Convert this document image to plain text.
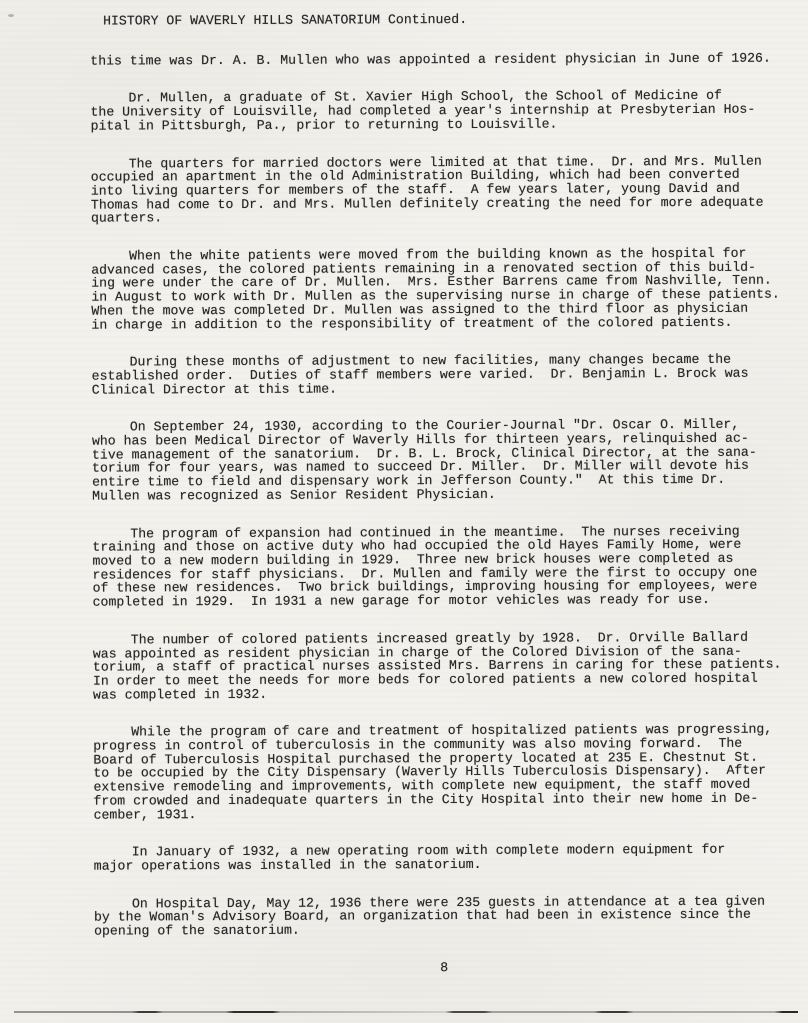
HISTORY OF WAVERLY HILLS SANATORIUM Continued.
this time was Dr. A. B. Mullen who was appointed a resident physician in June of 1926.
Dr. Mullen, a graduate of St. Xavier High School, the School of Medicine of
the University of Louisville, had completed a year's internship at Presbyterian Hos-
pital in Pittsburgh, Pa., prior to returning to Louisville.
The quarters for married doctors were limited at that time.  Dr. and Mrs. Mullen
occupied an apartment in the old Administration Building, which had been converted
into living quarters for members of the staff.  A few years later, young David and
Thomas had come to Dr. and Mrs. Mullen definitely creating the need for more adequate
quarters.
When the white patients were moved from the building known as the hospital for
advanced cases, the colored patients remaining in a renovated section of this build-
ing were under the care of Dr. Mullen.  Mrs. Esther Barrens came from Nashville, Tenn.
in August to work with Dr. Mullen as the supervising nurse in charge of these patients.
When the move was completed Dr. Mullen was assigned to the third floor as physician
in charge in addition to the responsibility of treatment of the colored patients.
During these months of adjustment to new facilities, many changes became the
established order.  Duties of staff members were varied.  Dr. Benjamin L. Brock was
Clinical Director at this time.
On September 24, 1930, according to the Courier-Journal "Dr. Oscar O. Miller,
who has been Medical Director of Waverly Hills for thirteen years, relinquished ac-
tive management of the sanatorium.  Dr. B. L. Brock, Clinical Director, at the sana-
torium for four years, was named to succeed Dr. Miller.  Dr. Miller will devote his
entire time to field and dispensary work in Jefferson County."  At this time Dr.
Mullen was recognized as Senior Resident Physician.
The program of expansion had continued in the meantime.  The nurses receiving
training and those on active duty who had occupied the old Hayes Family Home, were
moved to a new modern building in 1929.  Three new brick houses were completed as
residences for staff physicians.  Dr. Mullen and family were the first to occupy one
of these new residences.  Two brick buildings, improving housing for employees, were
completed in 1929.  In 1931 a new garage for motor vehicles was ready for use.
The number of colored patients increased greatly by 1928.  Dr. Orville Ballard
was appointed as resident physician in charge of the Colored Division of the sana-
torium, a staff of practical nurses assisted Mrs. Barrens in caring for these patients.
In order to meet the needs for more beds for colored patients a new colored hospital
was completed in 1932.
While the program of care and treatment of hospitalized patients was progressing,
progress in control of tuberculosis in the community was also moving forward.  The
Board of Tuberculosis Hospital purchased the property located at 235 E. Chestnut St.
to be occupied by the City Dispensary (Waverly Hills Tuberculosis Dispensary).  After
extensive remodeling and improvements, with complete new equipment, the staff moved
from crowded and inadequate quarters in the City Hospital into their new home in De-
cember, 1931.
In January of 1932, a new operating room with complete modern equipment for
major operations was installed in the sanatorium.
On Hospital Day, May 12, 1936 there were 235 guests in attendance at a tea given
by the Woman's Advisory Board, an organization that had been in existence since the
opening of the sanatorium.
8
